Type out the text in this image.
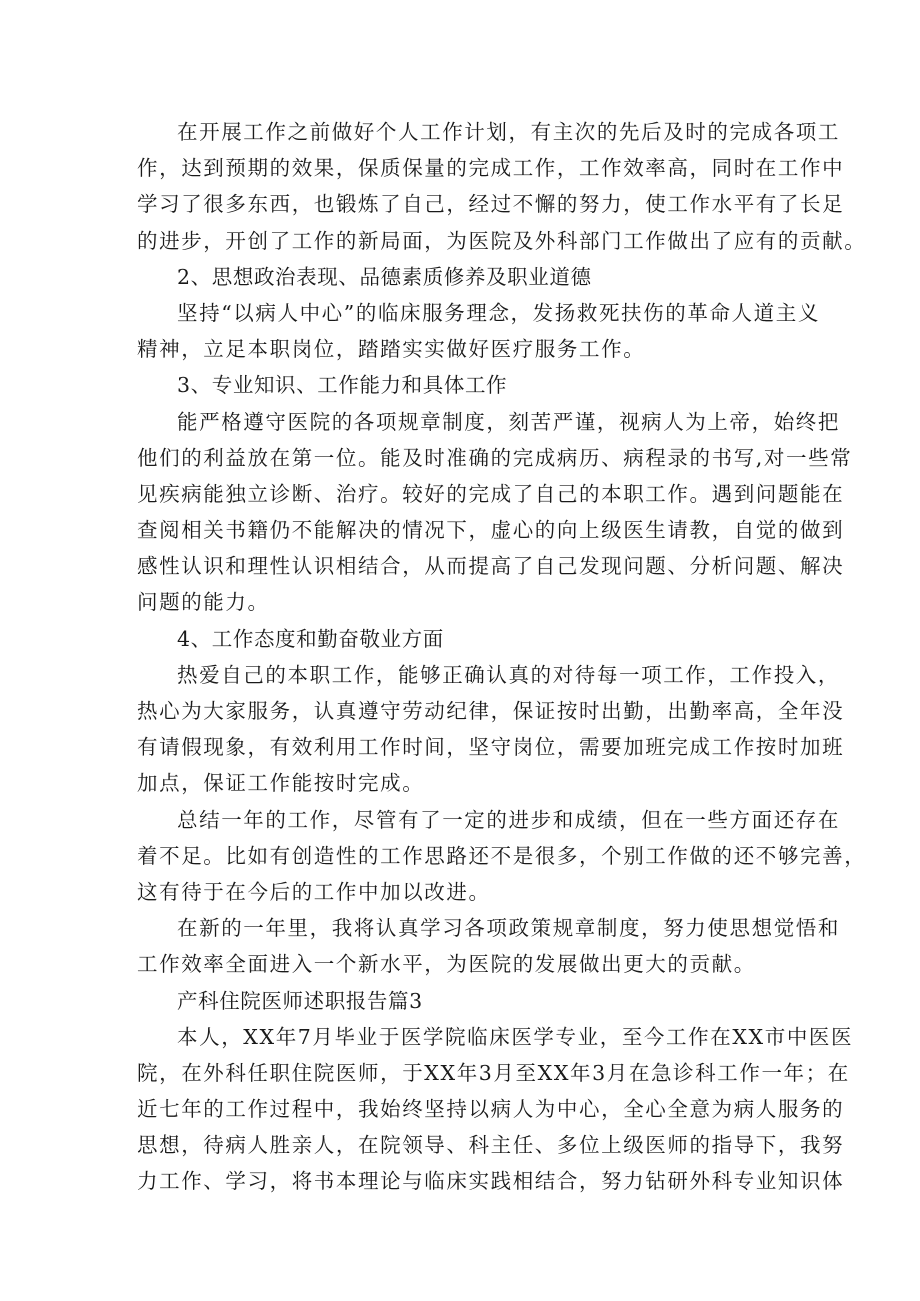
在开展工作之前做好个人工作计划，有主次的先后及时的完成各项工
作，达到预期的效果，保质保量的完成工作，工作效率高，同时在工作中
学习了很多东西，也锻炼了自己，经过不懈的努力，使工作水平有了长足
的进步，开创了工作的新局面，为医院及外科部门工作做出了应有的贡献。
2、思想政治表现、品德素质修养及职业道德
坚持“以病人中心”的临床服务理念，发扬救死扶伤的革命人道主义
精神，立足本职岗位，踏踏实实做好医疗服务工作。
3、专业知识、工作能力和具体工作
能严格遵守医院的各项规章制度，刻苦严谨，视病人为上帝，始终把
他们的利益放在第一位。能及时准确的完成病历、病程录的书写,对一些常
见疾病能独立诊断、治疗。较好的完成了自己的本职工作。遇到问题能在
查阅相关书籍仍不能解决的情况下，虚心的向上级医生请教，自觉的做到
感性认识和理性认识相结合，从而提高了自己发现问题、分析问题、解决
问题的能力。
4、工作态度和勤奋敬业方面
热爱自己的本职工作，能够正确认真的对待每一项工作，工作投入，
热心为大家服务，认真遵守劳动纪律，保证按时出勤，出勤率高，全年没
有请假现象，有效利用工作时间，坚守岗位，需要加班完成工作按时加班
加点，保证工作能按时完成。
总结一年的工作，尽管有了一定的进步和成绩，但在一些方面还存在
着不足。比如有创造性的工作思路还不是很多，个别工作做的还不够完善，
这有待于在今后的工作中加以改进。
在新的一年里，我将认真学习各项政策规章制度，努力使思想觉悟和
工作效率全面进入一个新水平，为医院的发展做出更大的贡献。
产科住院医师述职报告篇3
本人，XX年7月毕业于医学院临床医学专业，至今工作在XX市中医医
院，在外科任职住院医师，于XX年3月至XX年3月在急诊科工作一年；在
近七年的工作过程中，我始终坚持以病人为中心，全心全意为病人服务的
思想，待病人胜亲人，在院领导、科主任、多位上级医师的指导下，我努
力工作、学习，将书本理论与临床实践相结合，努力钻研外科专业知识体
